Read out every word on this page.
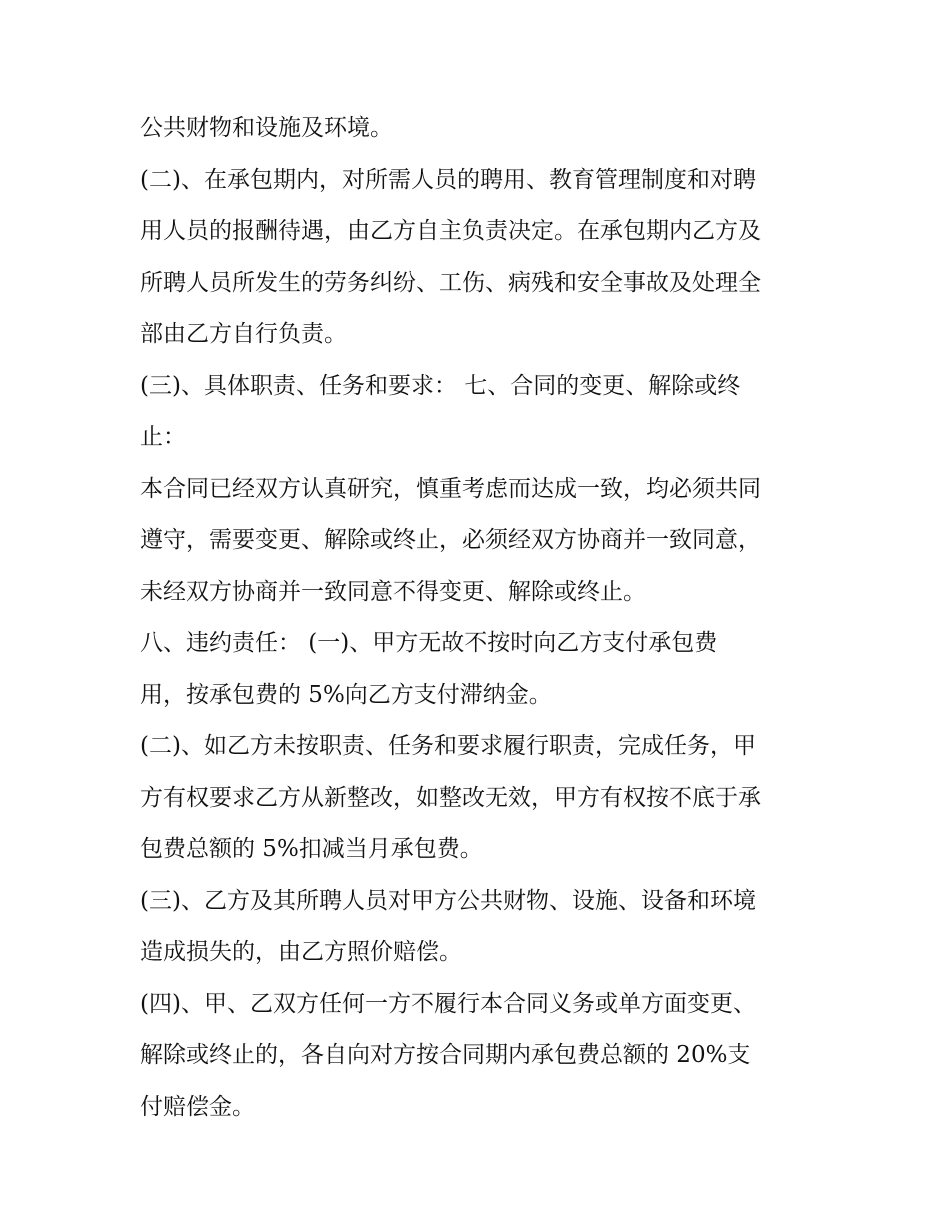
公共财物和设施及环境。
(二)、在承包期内，对所需人员的聘用、教育管理制度和对聘
用人员的报酬待遇，由乙方自主负责决定。在承包期内乙方及
所聘人员所发生的劳务纠纷、工伤、病残和安全事故及处理全
部由乙方自行负责。
(三)、具体职责、任务和要求： 七、合同的变更、解除或终
止：
本合同已经双方认真研究，慎重考虑而达成一致，均必须共同
遵守，需要变更、解除或终止，必须经双方协商并一致同意，
未经双方协商并一致同意不得变更、解除或终止。
八、违约责任： (一)、甲方无故不按时向乙方支付承包费
用，按承包费的 5%向乙方支付滞纳金。
(二)、如乙方未按职责、任务和要求履行职责，完成任务，甲
方有权要求乙方从新整改，如整改无效，甲方有权按不底于承
包费总额的 5%扣减当月承包费。
(三)、乙方及其所聘人员对甲方公共财物、设施、设备和环境
造成损失的，由乙方照价赔偿。
(四)、甲、乙双方任何一方不履行本合同义务或单方面变更、
解除或终止的，各自向对方按合同期内承包费总额的 20%支
付赔偿金。
